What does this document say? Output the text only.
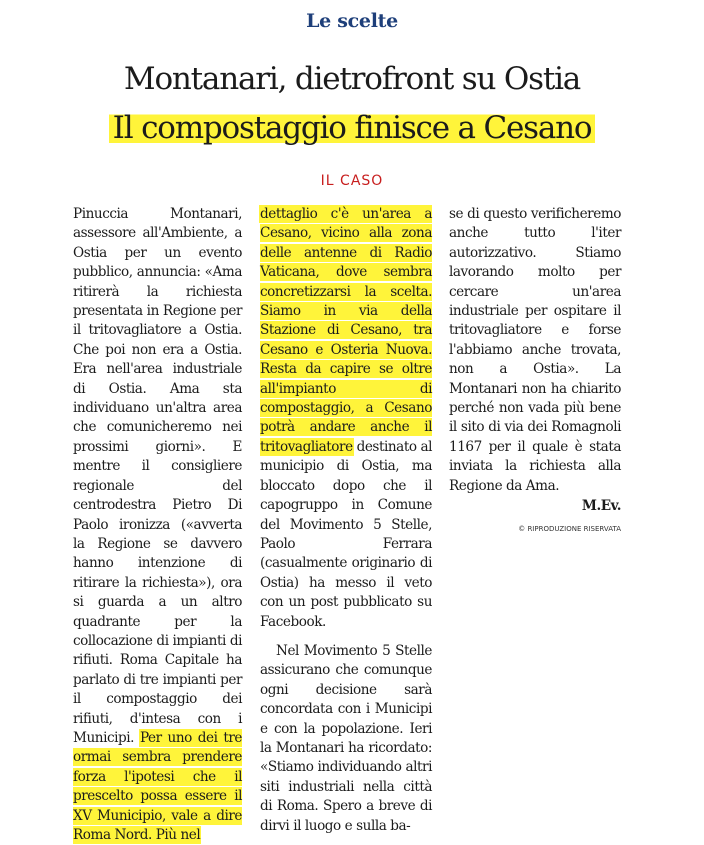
Le scelte
Montanari, dietrofront su Ostia
Il compostaggio finisce a Cesano
IL CASO

Pinuccia Montanari, assessore all'Ambiente, a Ostia per un evento pubblico, annuncia: «Ama ritirerà la richiesta presentata in Regione per il tritovagliatore a Ostia. Che poi non era a Ostia. Era nell'area industriale di Ostia. Ama sta individuano un'altra area che comunicheremo nei prossimi giorni». E mentre il consigliere regionale del centrodestra Pietro Di Paolo ironizza («avverta la Regione se davvero hanno intenzione di ritirare la richiesta»), ora si guarda a un altro quadrante per la collocazione di impianti di rifiuti. Roma Capitale ha parlato di tre impianti per il compostaggio dei rifiuti, d'intesa con i Municipi. Per uno dei tre ormai sembra prendere forza l'ipotesi che il prescelto possa essere il XV Municipio, vale a dire Roma Nord. Più nel

dettaglio c'è un'area a Cesano, vicino alla zona delle antenne di Radio Vaticana, dove sembra concretizzarsi la scelta. Siamo in via della Stazione di Cesano, tra Cesano e Osteria Nuova. Resta da capire se oltre all'impianto di compostaggio, a Cesano potrà andare anche il tritovagliatore destinato al municipio di Ostia, ma bloccato dopo che il capogruppo in Comune del Movimento 5 Stelle, Paolo Ferrara (casualmente originario di Ostia) ha messo il veto con un post pubblicato su Facebook.

Nel Movimento 5 Stelle assicurano che comunque ogni decisione sarà concordata con i Municipi e con la popolazione. Ieri la Montanari ha ricordato: «Stiamo individuando altri siti industriali nella città di Roma. Spero a breve di dirvi il luogo e sulla ba-

se di questo verificheremo anche tutto l'iter autorizzativo. Stiamo lavorando molto per cercare un'area industriale per ospitare il tritovagliatore e forse l'abbiamo anche trovata, non a Ostia». La Montanari non ha chiarito perché non vada più bene il sito di via dei Romagnoli 1167 per il quale è stata inviata la richiesta alla Regione da Ama.

M.Ev.

© RIPRODUZIONE RISERVATA
